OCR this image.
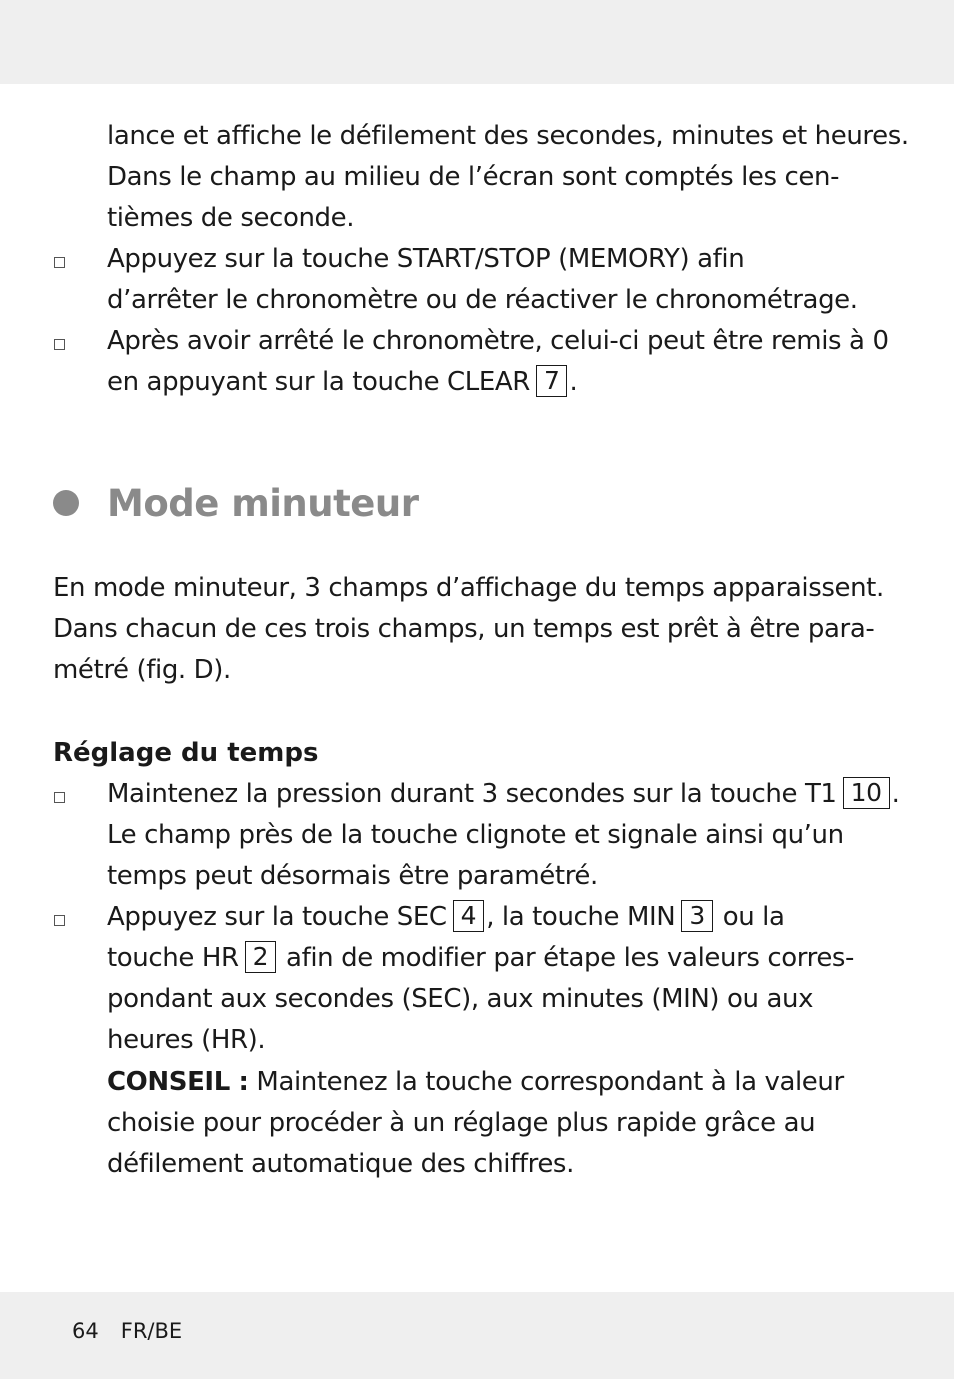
lance et affiche le défilement des secondes, minutes et heures.
Dans le champ au milieu de l’écran sont comptés les cen-
tièmes de seconde.
Appuyez sur la touche START/STOP (MEMORY) afin
d’arrêter le chronomètre ou de réactiver le chronométrage.
Après avoir arrêté le chronomètre, celui-ci peut être remis à 0
en appuyant sur la touche CLEAR 7 .
Mode minuteur
En mode minuteur, 3 champs d’affichage du temps apparaissent.
Dans chacun de ces trois champs, un temps est prêt à être para-
métré (fig. D).
Réglage du temps
Maintenez la pression durant 3 secondes sur la touche T1 10 .
Le champ près de la touche clignote et signale ainsi qu’un
temps peut désormais être paramétré.
Appuyez sur la touche SEC 4 , la touche MIN 3 ou la
touche HR 2 afin de modifier par étape les valeurs corres-
pondant aux secondes (SEC), aux minutes (MIN) ou aux
heures (HR).
CONSEIL : Maintenez la touche correspondant à la valeur
choisie pour procéder à un réglage plus rapide grâce au
défilement automatique des chiffres.
64 FR/BE
